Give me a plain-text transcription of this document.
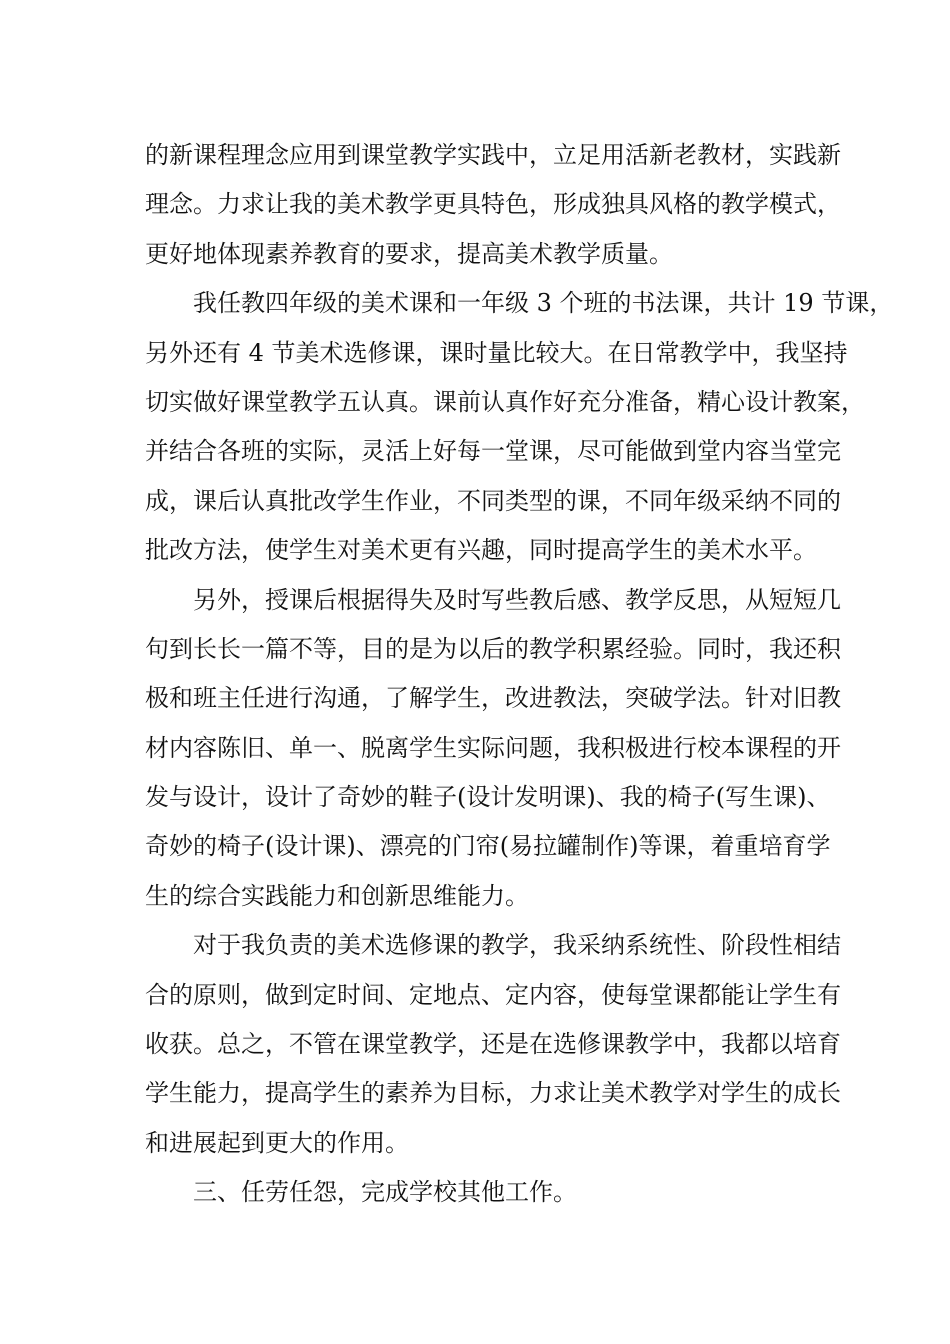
的新课程理念应用到课堂教学实践中，立足用活新老教材，实践新
理念。力求让我的美术教学更具特色，形成独具风格的教学模式，
更好地体现素养教育的要求，提高美术教学质量。
我任教四年级的美术课和一年级 3 个班的书法课，共计 19 节课，
另外还有 4 节美术选修课，课时量比较大。在日常教学中，我坚持
切实做好课堂教学五认真。课前认真作好充分准备，精心设计教案，
并结合各班的实际，灵活上好每一堂课，尽可能做到堂内容当堂完
成，课后认真批改学生作业，不同类型的课，不同年级采纳不同的
批改方法，使学生对美术更有兴趣，同时提高学生的美术水平。
另外，授课后根据得失及时写些教后感、教学反思，从短短几
句到长长一篇不等，目的是为以后的教学积累经验。同时，我还积
极和班主任进行沟通，了解学生，改进教法，突破学法。针对旧教
材内容陈旧、单一、脱离学生实际问题，我积极进行校本课程的开
发与设计，设计了奇妙的鞋子(设计发明课)、我的椅子(写生课)、
奇妙的椅子(设计课)、漂亮的门帘(易拉罐制作)等课，着重培育学
生的综合实践能力和创新思维能力。
对于我负责的美术选修课的教学，我采纳系统性、阶段性相结
合的原则，做到定时间、定地点、定内容，使每堂课都能让学生有
收获。总之，不管在课堂教学，还是在选修课教学中，我都以培育
学生能力，提高学生的素养为目标，力求让美术教学对学生的成长
和进展起到更大的作用。
三、任劳任怨，完成学校其他工作。
